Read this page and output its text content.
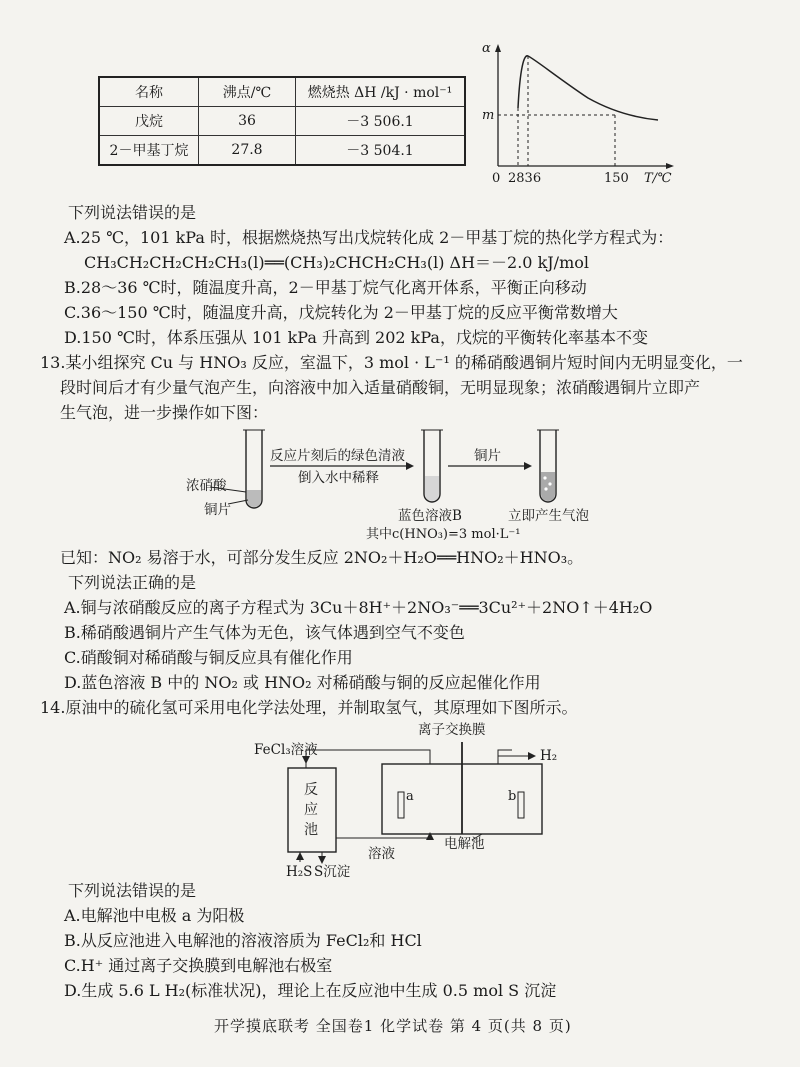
名称	沸点/℃	燃烧热 ΔH /kJ · mol⁻¹
戊烷	36	－3 506.1
2－甲基丁烷	27.8	－3 504.1
α
m
0 2836	150 T/℃
下列说法错误的是
A.25 ℃，101 kPa 时，根据燃烧热写出戊烷转化成 2－甲基丁烷的热化学方程式为：
CH₃CH₂CH₂CH₂CH₃(l)══(CH₃)₂CHCH₂CH₃(l) ΔH＝－2.0 kJ/mol
B.28～36 ℃时，随温度升高，2－甲基丁烷气化离开体系，平衡正向移动
C.36～150 ℃时，随温度升高，戊烷转化为 2－甲基丁烷的反应平衡常数增大
D.150 ℃时，体系压强从 101 kPa 升高到 202 kPa，戊烷的平衡转化率基本不变
13.某小组探究 Cu 与 HNO₃ 反应，室温下，3 mol · L⁻¹ 的稀硝酸遇铜片短时间内无明显变化，一
段时间后才有少量气泡产生，向溶液中加入适量硝酸铜，无明显现象；浓硝酸遇铜片立即产
生气泡，进一步操作如下图：
反应片刻后的绿色清液
倒入水中稀释
铜片
浓硝酸
铜片	蓝色溶液B
其中c(HNO₃)=3 mol·L⁻¹
立即产生气泡
已知：NO₂ 易溶于水，可部分发生反应 2NO₂＋H₂O══HNO₂＋HNO₃。
下列说法正确的是
A.铜与浓硝酸反应的离子方程式为 3Cu＋8H⁺＋2NO₃⁻══3Cu²⁺＋2NO↑＋4H₂O
B.稀硝酸遇铜片产生气体为无色，该气体遇到空气不变色
C.硝酸铜对稀硝酸与铜反应具有催化作用
D.蓝色溶液 B 中的 NO₂ 或 HNO₂ 对稀硝酸与铜的反应起催化作用
14.原油中的硫化氢可采用电化学法处理，并制取氢气，其原理如下图所示。
离子交换膜
FeCl₃溶液	H₂
反
应
池
a	b
电解池
溶液
H₂S S沉淀
下列说法错误的是
A.电解池中电极 a 为阳极
B.从反应池进入电解池的溶液溶质为 FeCl₂和 HCl
C.H⁺ 通过离子交换膜到电解池右极室
D.生成 5.6 L H₂(标准状况)，理论上在反应池中生成 0.5 mol S 沉淀
开学摸底联考 全国卷1 化学试卷 第 4 页(共 8 页)
